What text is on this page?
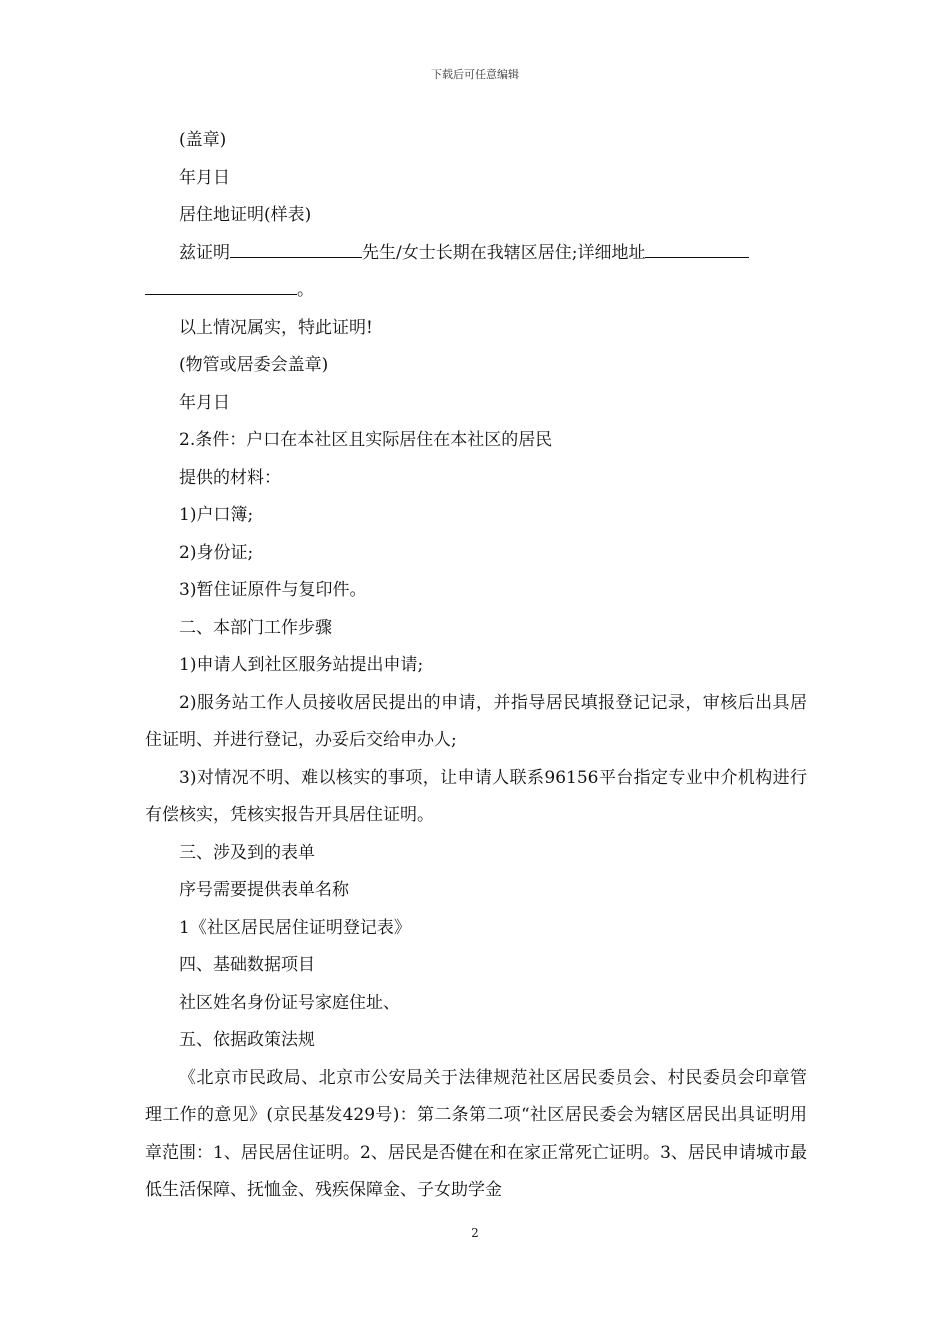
下载后可任意编辑

(盖章)

年月日

居住地证明(样表)

兹证明	先生/女士长期在我辖区居住;详细地址

。

以上情况属实，特此证明!

(物管或居委会盖章)

年月日

2.条件：户口在本社区且实际居住在本社区的居民

提供的材料：

1)户口簿;

2)身份证;

3)暂住证原件与复印件。

二、本部门工作步骤

1)申请人到社区服务站提出申请;

2)服务站工作人员接收居民提出的申请，并指导居民填报登记记录，审核后出具居住证明、并进行登记，办妥后交给申办人;

3)对情况不明、难以核实的事项，让申请人联系96156平台指定专业中介机构进行有偿核实，凭核实报告开具居住证明。

三、涉及到的表单

序号需要提供表单名称

1《社区居民居住证明登记表》

四、基础数据项目

社区姓名身份证号家庭住址、

五、依据政策法规

《北京市民政局、北京市公安局关于法律规范社区居民委员会、村民委员会印章管理工作的意见》(京民基发429号)：第二条第二项“社区居民委会为辖区居民出具证明用章范围：1、居民居住证明。2、居民是否健在和在家正常死亡证明。3、居民申请城市最低生活保障、抚恤金、残疾保障金、子女助学金

2
